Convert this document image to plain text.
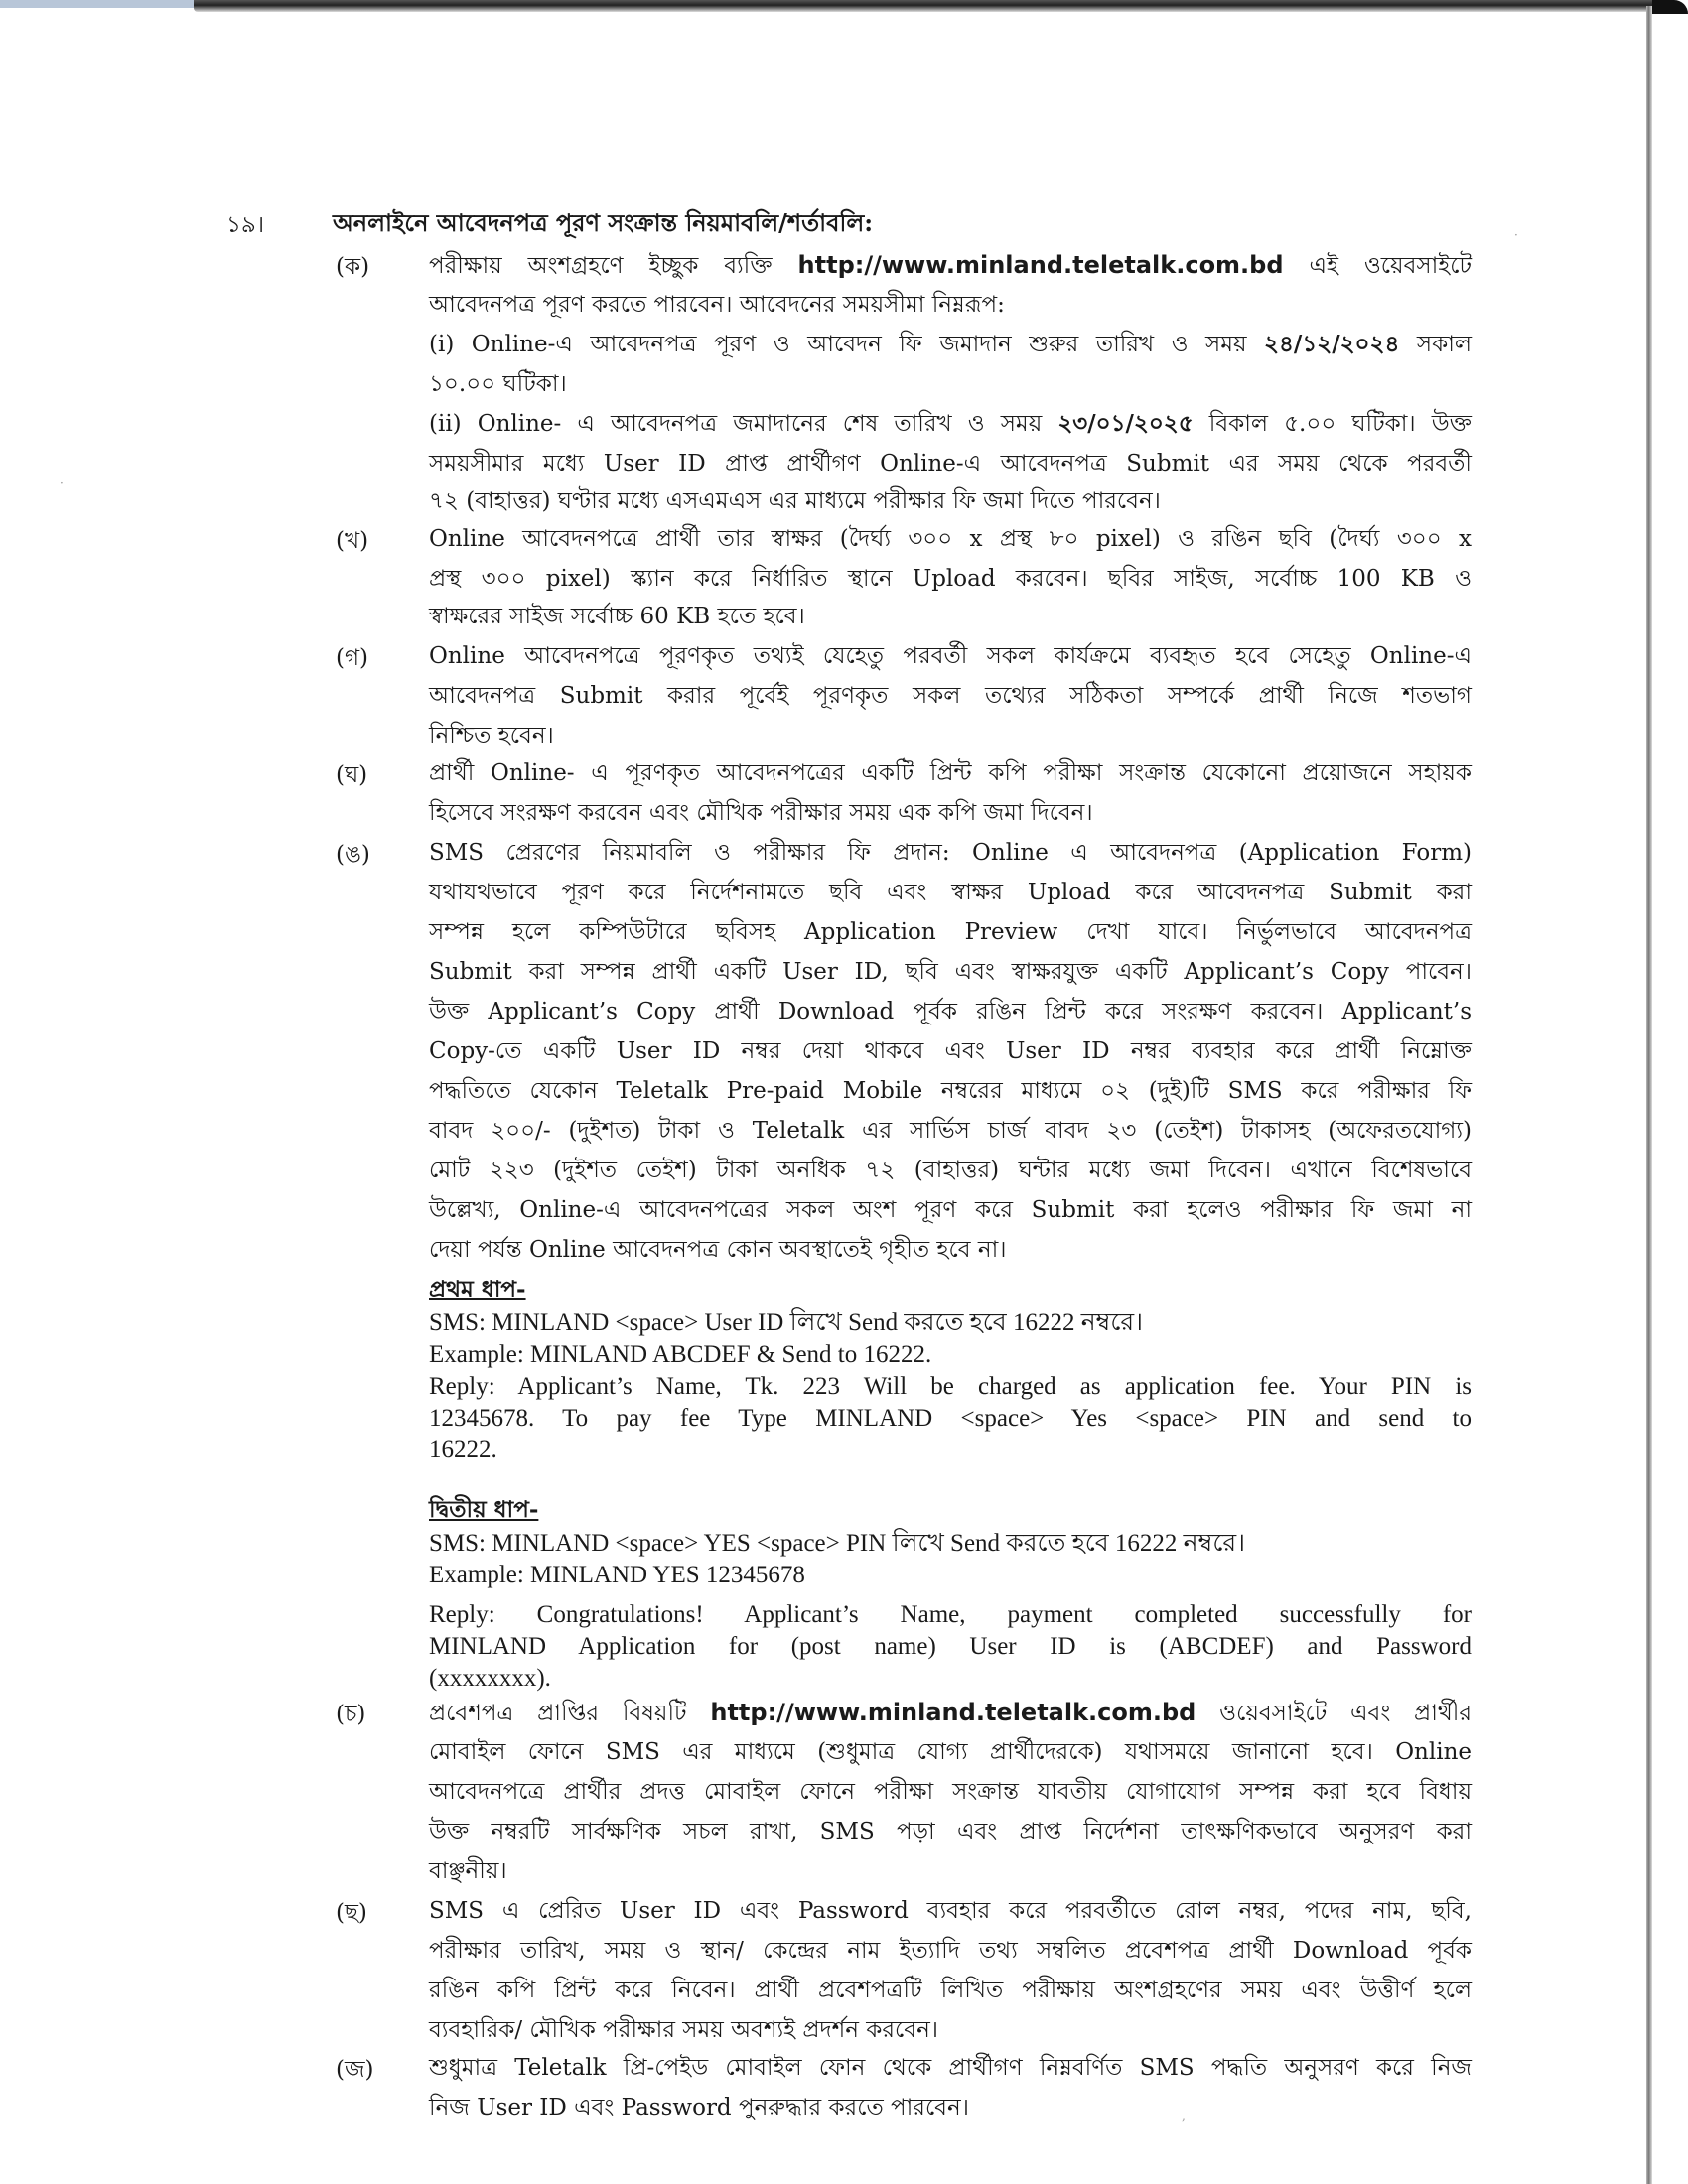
১৯।	অনলাইনে আবেদনপত্র পূরণ সংক্রান্ত নিয়মাবলি/শর্তাবলি:
(ক)	পরীক্ষায় অংশগ্রহণে ইচ্ছুক ব্যক্তি http://www.minland.teletalk.com.bd এই ওয়েবসাইটে
আবেদনপত্র পূরণ করতে পারবেন। আবেদনের সময়সীমা নিম্নরূপ:
(i) Online-এ আবেদনপত্র পূরণ ও আবেদন ফি জমাদান শুরুর তারিখ ও সময় ২৪/১২/২০২৪ সকাল
১০.০০ ঘটিকা।
(ii) Online- এ আবেদনপত্র জমাদানের শেষ তারিখ ও সময় ২৩/০১/২০২৫ বিকাল ৫.০০ ঘটিকা। উক্ত
সময়সীমার মধ্যে User ID প্রাপ্ত প্রার্থীগণ Online-এ আবেদনপত্র Submit এর সময় থেকে পরবর্তী
৭২ (বাহাত্তর) ঘণ্টার মধ্যে এসএমএস এর মাধ্যমে পরীক্ষার ফি জমা দিতে পারবেন।
(খ)	Online আবেদনপত্রে প্রার্থী তার স্বাক্ষর (দৈর্ঘ্য ৩০০ x প্রস্থ ৮০ pixel) ও রঙিন ছবি (দৈর্ঘ্য ৩০০ x
প্রস্থ ৩০০ pixel) স্ক্যান করে নির্ধারিত স্থানে Upload করবেন। ছবির সাইজ, সর্বোচ্চ 100 KB ও
স্বাক্ষরের সাইজ সর্বোচ্চ 60 KB হতে হবে।
(গ)	Online আবেদনপত্রে পূরণকৃত তথ্যই যেহেতু পরবর্তী সকল কার্যক্রমে ব্যবহৃত হবে সেহেতু Online-এ
আবেদনপত্র Submit করার পূর্বেই পূরণকৃত সকল তথ্যের সঠিকতা সম্পর্কে প্রার্থী নিজে শতভাগ
নিশ্চিত হবেন।
(ঘ)	প্রার্থী Online- এ পূরণকৃত আবেদনপত্রের একটি প্রিন্ট কপি পরীক্ষা সংক্রান্ত যেকোনো প্রয়োজনে সহায়ক
হিসেবে সংরক্ষণ করবেন এবং মৌখিক পরীক্ষার সময় এক কপি জমা দিবেন।
(ঙ)	SMS প্রেরণের নিয়মাবলি ও পরীক্ষার ফি প্রদান: Online এ আবেদনপত্র (Application Form)
যথাযথভাবে পূরণ করে নির্দেশনামতে ছবি এবং স্বাক্ষর Upload করে আবেদনপত্র Submit করা
সম্পন্ন হলে কম্পিউটারে ছবিসহ Application Preview দেখা যাবে। নির্ভুলভাবে আবেদনপত্র
Submit করা সম্পন্ন প্রার্থী একটি User ID, ছবি এবং স্বাক্ষরযুক্ত একটি Applicant’s Copy পাবেন।
উক্ত Applicant’s Copy প্রার্থী Download পূর্বক রঙিন প্রিন্ট করে সংরক্ষণ করবেন। Applicant’s
Copy-তে একটি User ID নম্বর দেয়া থাকবে এবং User ID নম্বর ব্যবহার করে প্রার্থী নিম্নোক্ত
পদ্ধতিতে যেকোন Teletalk Pre-paid Mobile নম্বরের মাধ্যমে ০২ (দুই)টি SMS করে পরীক্ষার ফি
বাবদ ২০০/- (দুইশত) টাকা ও Teletalk এর সার্ভিস চার্জ বাবদ ২৩ (তেইশ) টাকাসহ (অফেরতযোগ্য)
মোট ২২৩ (দুইশত তেইশ) টাকা অনধিক ৭২ (বাহাত্তর) ঘন্টার মধ্যে জমা দিবেন। এখানে বিশেষভাবে
উল্লেখ্য, Online-এ আবেদনপত্রের সকল অংশ পূরণ করে Submit করা হলেও পরীক্ষার ফি জমা না
দেয়া পর্যন্ত Online আবেদনপত্র কোন অবস্থাতেই গৃহীত হবে না।
প্রথম ধাপ-
SMS: MINLAND <space> User ID লিখে Send করতে হবে 16222 নম্বরে।
Example: MINLAND ABCDEF & Send to 16222.
Reply: Applicant’s Name, Tk. 223 Will be charged as application fee. Your PIN is
12345678. To pay fee Type MINLAND <space> Yes <space> PIN and send to
16222.
দ্বিতীয় ধাপ-
SMS: MINLAND <space> YES <space> PIN লিখে Send করতে হবে 16222 নম্বরে।
Example: MINLAND YES 12345678
Reply: Congratulations! Applicant’s Name, payment completed successfully for
MINLAND Application for (post name) User ID is (ABCDEF) and Password
(xxxxxxxx).
(চ)	প্রবেশপত্র প্রাপ্তির বিষয়টি http://www.minland.teletalk.com.bd ওয়েবসাইটে এবং প্রার্থীর
মোবাইল ফোনে SMS এর মাধ্যমে (শুধুমাত্র যোগ্য প্রার্থীদেরকে) যথাসময়ে জানানো হবে। Online
আবেদনপত্রে প্রার্থীর প্রদত্ত মোবাইল ফোনে পরীক্ষা সংক্রান্ত যাবতীয় যোগাযোগ সম্পন্ন করা হবে বিধায়
উক্ত নম্বরটি সার্বক্ষণিক সচল রাখা, SMS পড়া এবং প্রাপ্ত নির্দেশনা তাৎক্ষণিকভাবে অনুসরণ করা
বাঞ্ছনীয়।
(ছ)	SMS এ প্রেরিত User ID এবং Password ব্যবহার করে পরবর্তীতে রোল নম্বর, পদের নাম, ছবি,
পরীক্ষার তারিখ, সময় ও স্থান/ কেন্দ্রের নাম ইত্যাদি তথ্য সম্বলিত প্রবেশপত্র প্রার্থী Download পূর্বক
রঙিন কপি প্রিন্ট করে নিবেন। প্রার্থী প্রবেশপত্রটি লিখিত পরীক্ষায় অংশগ্রহণের সময় এবং উত্তীর্ণ হলে
ব্যবহারিক/ মৌখিক পরীক্ষার সময় অবশ্যই প্রদর্শন করবেন।
(জ) শুধুমাত্র Teletalk প্রি-পেইড মোবাইল ফোন থেকে প্রার্থীগণ নিম্নবর্ণিত SMS পদ্ধতি অনুসরণ করে নিজ
নিজ User ID এবং Password পুনরুদ্ধার করতে পারবেন।
·
·
,
